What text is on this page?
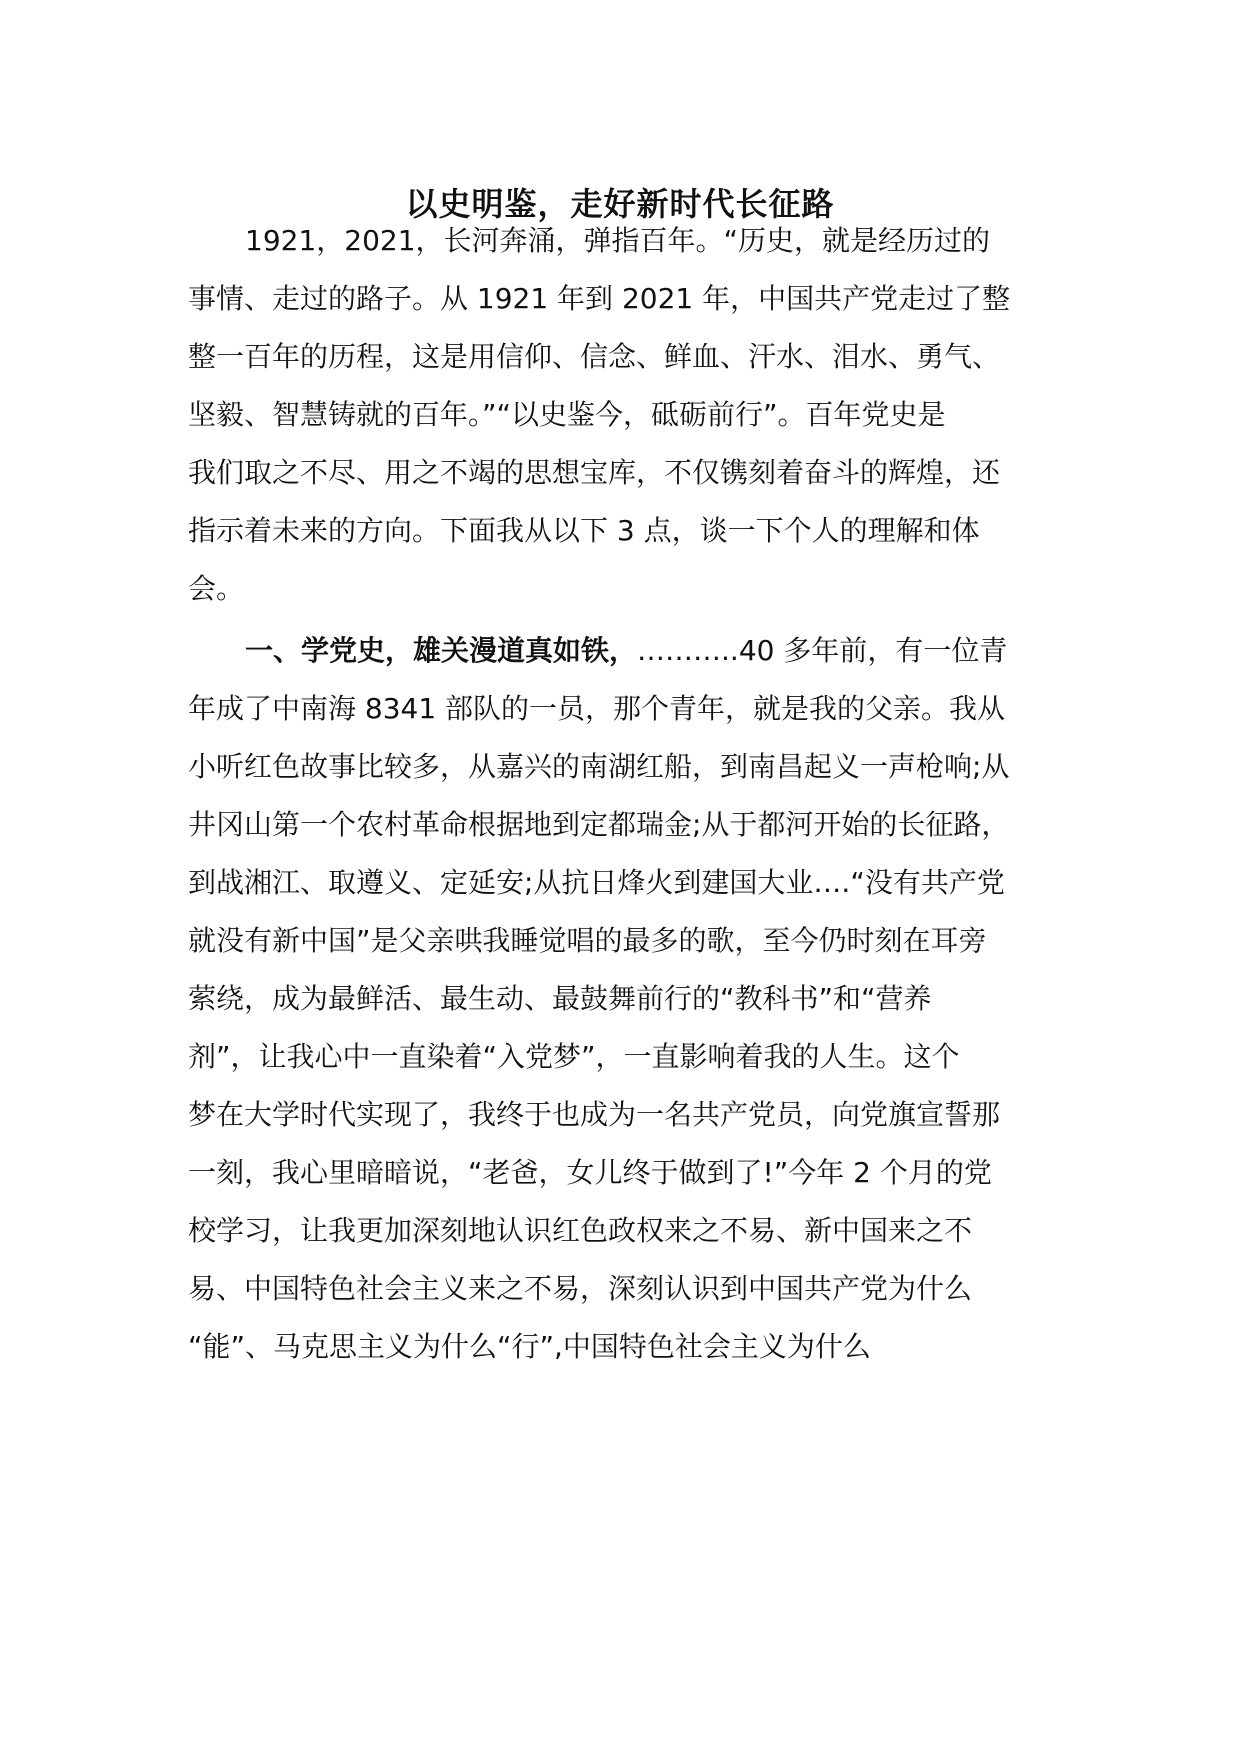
以史明鉴，走好新时代长征路
1921，2021，长河奔涌，弹指百年。“历史，就是经历过的
事情、走过的路子。从 1921 年到 2021 年，中国共产党走过了整
整一百年的历程，这是用信仰、信念、鲜血、汗水、泪水、勇气、
坚毅、智慧铸就的百年。”“以史鉴今，砥砺前行”。百年党史是
我们取之不尽、用之不竭的思想宝库，不仅镌刻着奋斗的辉煌，还
指示着未来的方向。下面我从以下 3 点，谈一下个人的理解和体
会。
一、学党史，雄关漫道真如铁，………..40 多年前，有一位青
年成了中南海 8341 部队的一员，那个青年，就是我的父亲。我从
小听红色故事比较多，从嘉兴的南湖红船，到南昌起义一声枪响;从
井冈山第一个农村革命根据地到定都瑞金;从于都河开始的长征路，
到战湘江、取遵义、定延安;从抗日烽火到建国大业….“没有共产党
就没有新中国”是父亲哄我睡觉唱的最多的歌，至今仍时刻在耳旁
萦绕，成为最鲜活、最生动、最鼓舞前行的“教科书”和“营养
剂”，让我心中一直染着“入党梦”，一直影响着我的人生。这个
梦在大学时代实现了，我终于也成为一名共产党员，向党旗宣誓那
一刻，我心里暗暗说，“老爸，女儿终于做到了!”今年 2 个月的党
校学习，让我更加深刻地认识红色政权来之不易、新中国来之不
易、中国特色社会主义来之不易，深刻认识到中国共产党为什么
“能”、马克思主义为什么“行”,中国特色社会主义为什么
